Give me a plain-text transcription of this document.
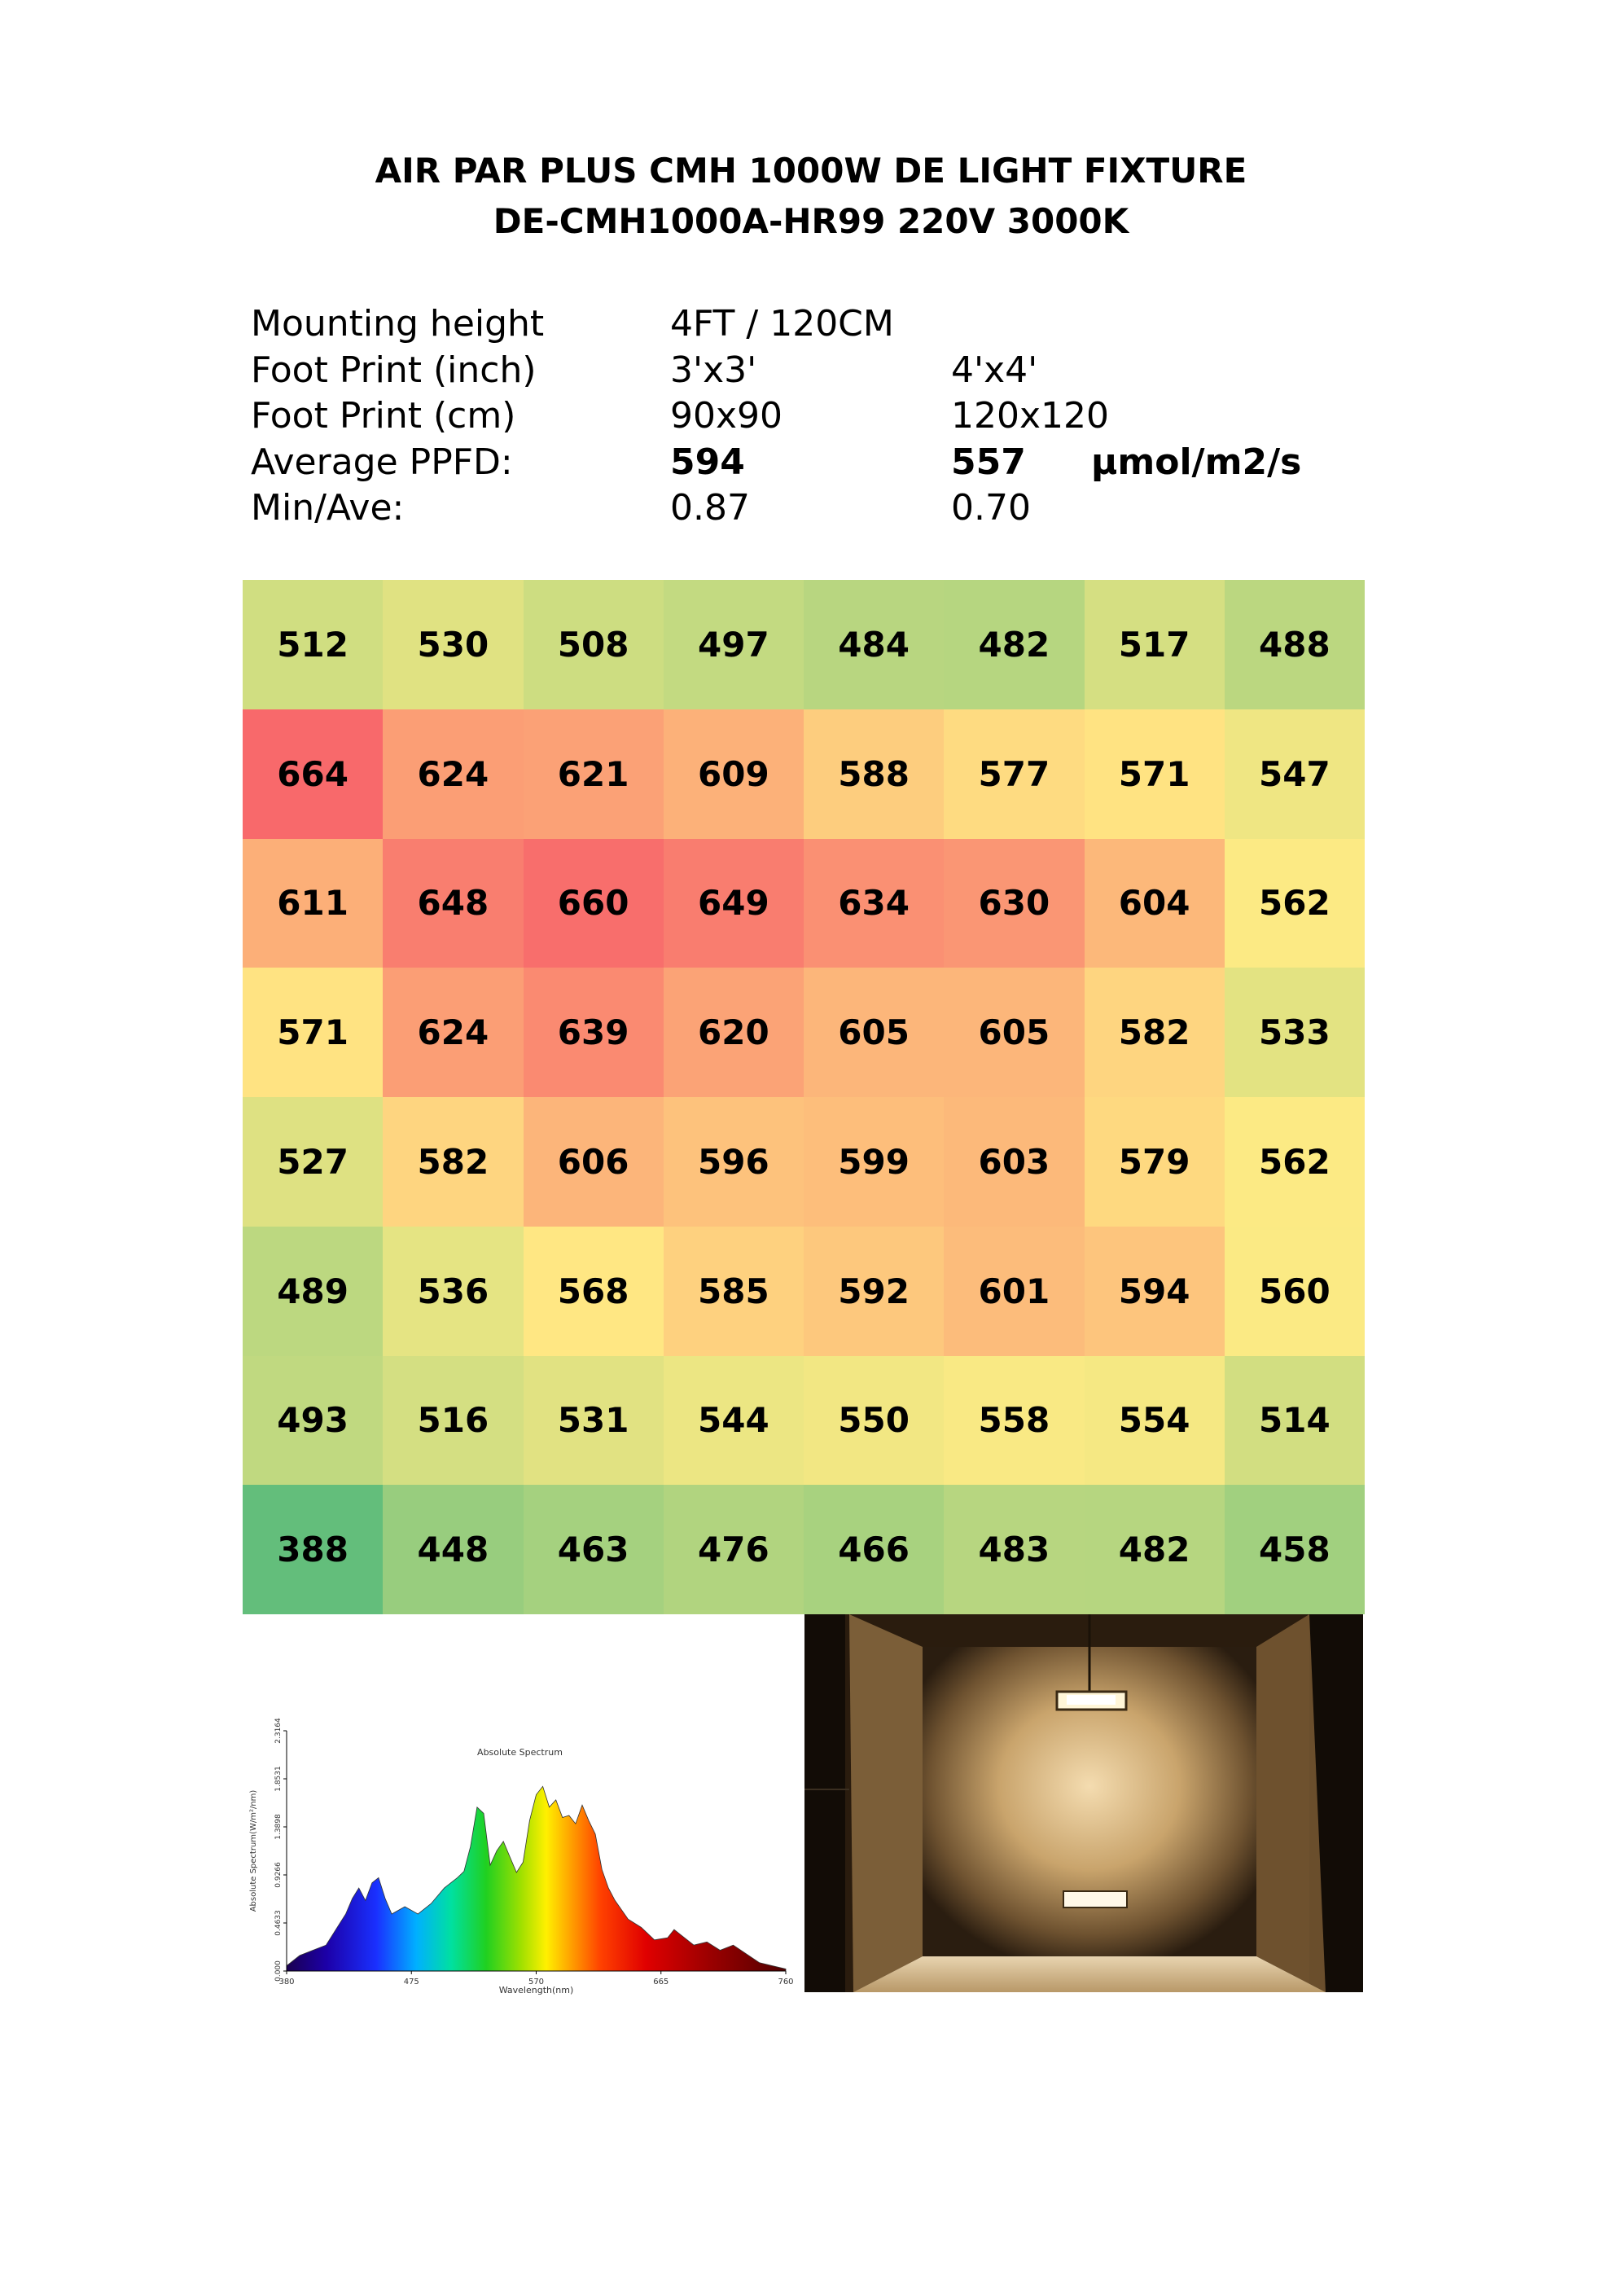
AIR PAR PLUS CMH 1000W DE LIGHT FIXTURE
DE-CMH1000A-HR99 220V 3000K
Mounting height	4FT / 120CM
Foot Print (inch)	3'x3'	4'x4'
Foot Print (cm)	90x90	120x120
Average PPFD:	594	557 µmol/m2/s
Min/Ave:	0.87	0.70
512	530	508	497	484	482	517	488
664	624	621	609	588	577	571	547
611	648	660	649	634	630	604	562
571	624	639	620	605	605	582	533
527	582	606	596	599	603	579	562
489	536	568	585	592	601	594	560
493	516	531	544	550	558	554	514
388	448	463	476	466	483	482	458
Absolute Spectrum
Wavelength(nm)
Absolute Spectrum(W/m²/nm)
380	475	570	665	760
0.000
0.4633
0.9266
1.3898
1.8531
2.3164
